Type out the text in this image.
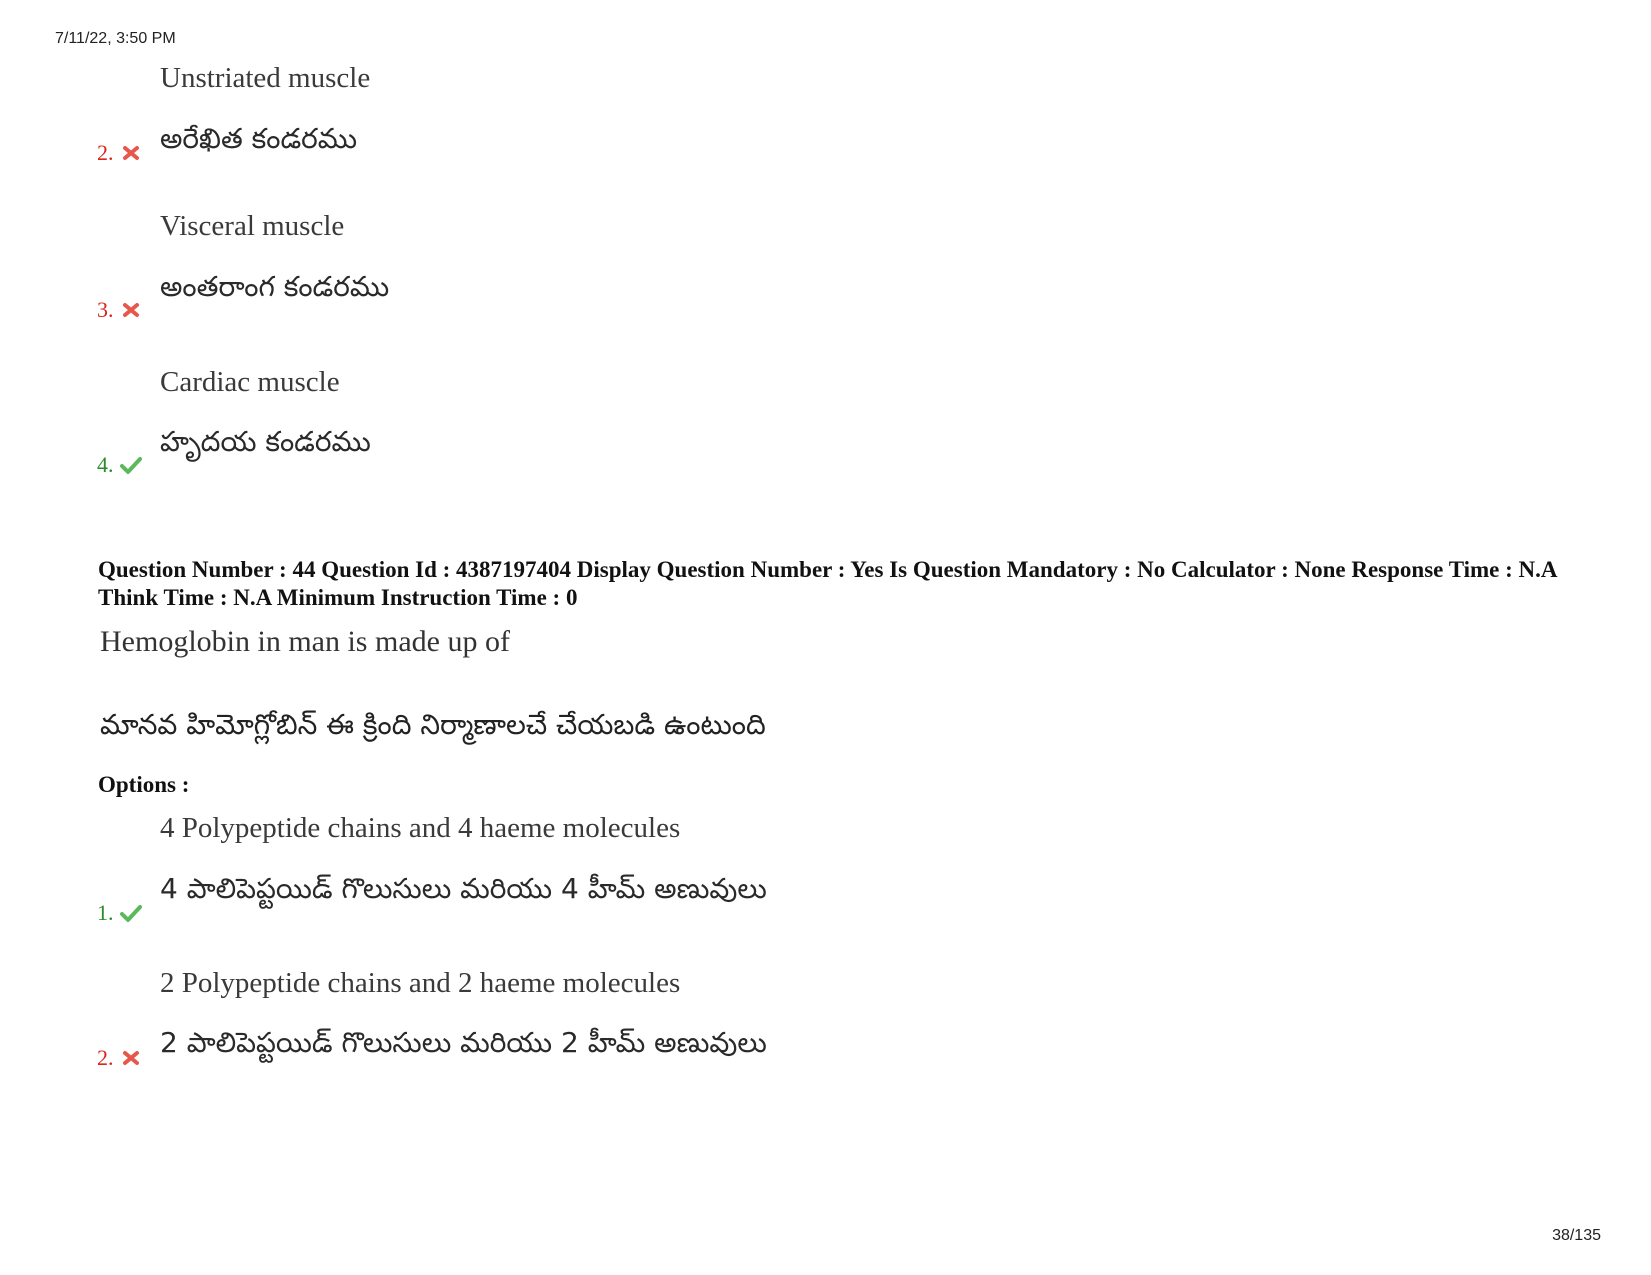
7/11/22, 3:50 PM
Unstriated muscle
అరేఖిత కండరము
2.
Visceral muscle
అంతరాంగ కండరము
3.
Cardiac muscle
హృదయ కండరము
4.
Question Number : 44 Question Id : 4387197404 Display Question Number : Yes Is Question Mandatory : No Calculator : None Response Time : N.A Think Time : N.A Minimum Instruction Time : 0
Hemoglobin in man is made up of
మానవ హిమోగ్లోబిన్ ఈ క్రింది నిర్మాణాలచే చేయబడి ఉంటుంది
Options :
4 Polypeptide chains and 4 haeme molecules
4 పాలిపెప్టయిడ్ గొలుసులు మరియు 4 హీమ్ అణువులు
1.
2 Polypeptide chains and 2 haeme molecules
2 పాలిపెప్టయిడ్ గొలుసులు మరియు 2 హీమ్ అణువులు
2.
38/135
